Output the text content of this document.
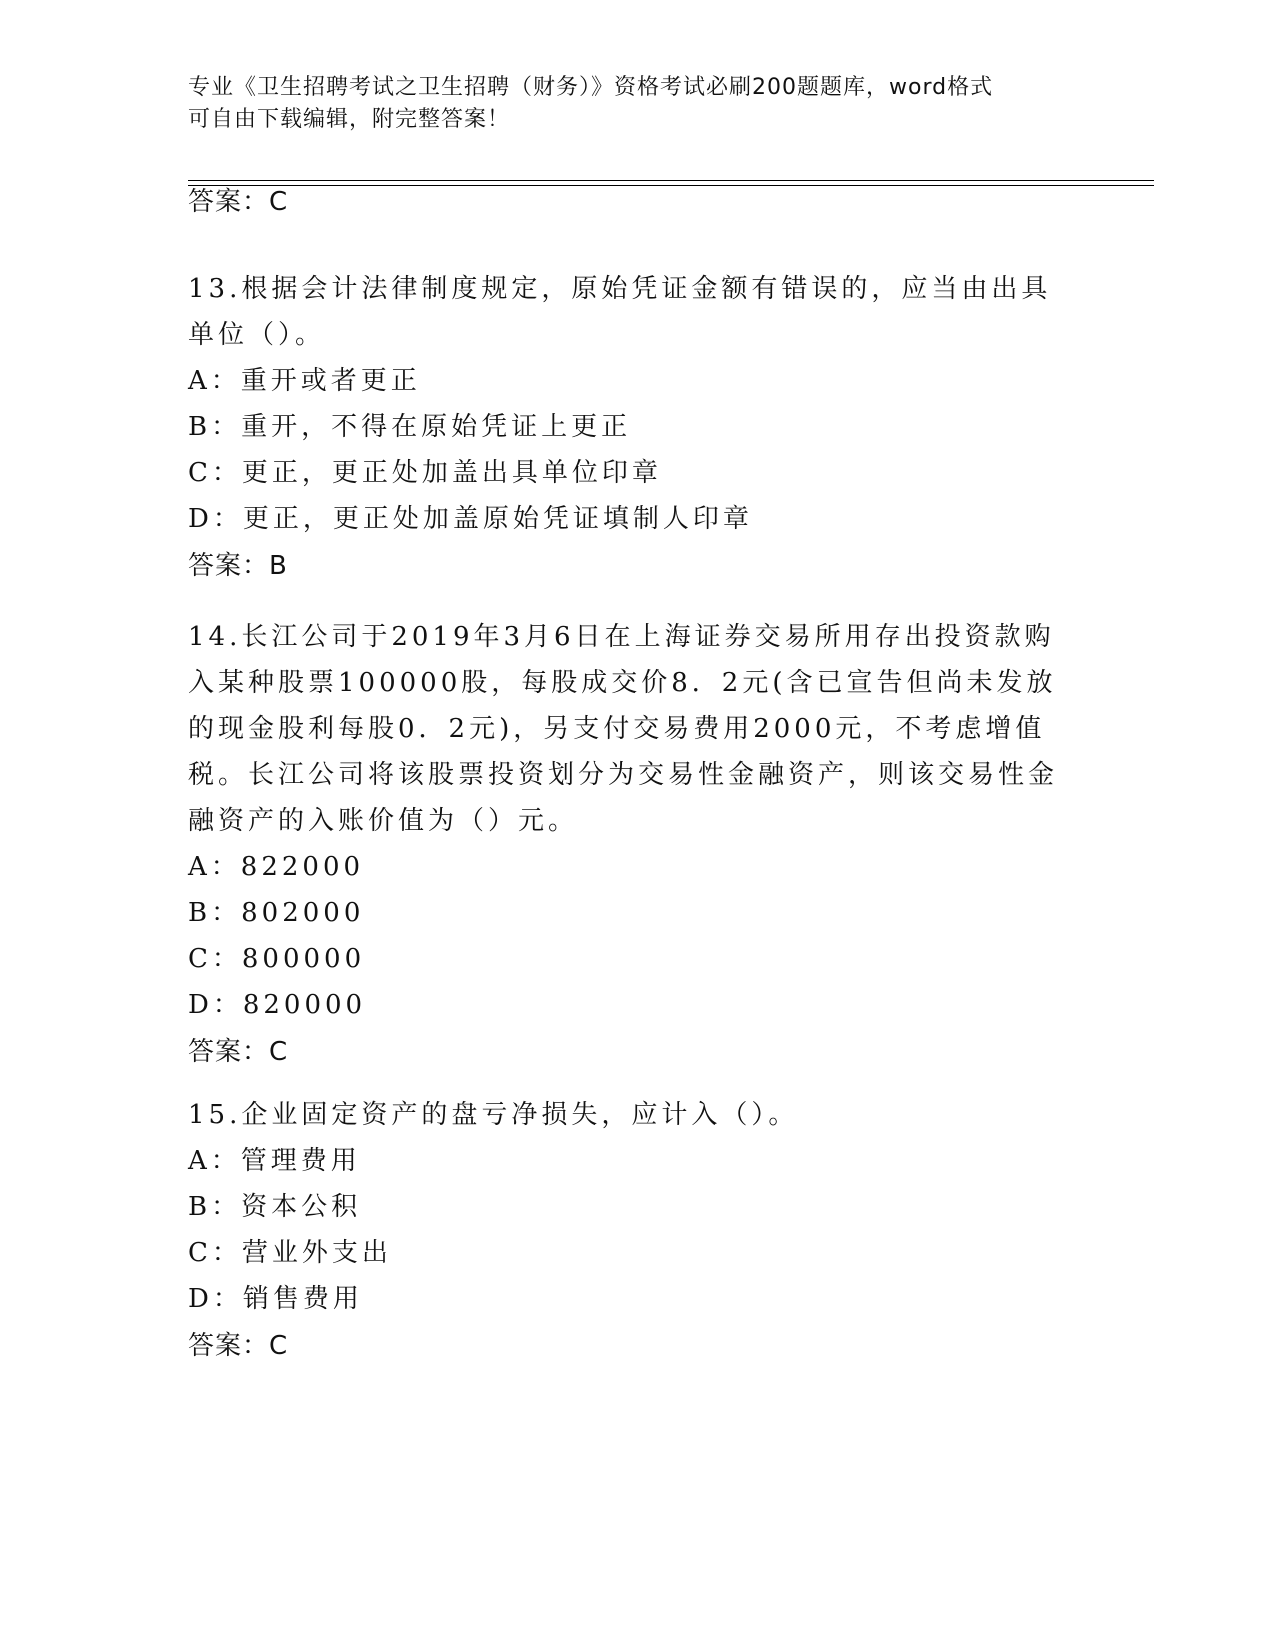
专业《卫生招聘考试之卫生招聘（财务）》资格考试必刷200题题库，word格式
可自由下载编辑，附完整答案！
答案：C

13.根据会计法律制度规定，原始凭证金额有错误的，应当由出具单位（）。

A：重开或者更正
B：重开，不得在原始凭证上更正
C：更正，更正处加盖出具单位印章
D：更正，更正处加盖原始凭证填制人印章
答案：B

14.长江公司于2019年3月6日在上海证券交易所用存出投资款购入某种股票100000股，每股成交价8．2元(含已宣告但尚未发放的现金股利每股0．2元)，另支付交易费用2000元，不考虑增值税。长江公司将该股票投资划分为交易性金融资产，则该交易性金融资产的入账价值为（）元。

A：822000
B：802000
C：800000
D：820000
答案：C

15.企业固定资产的盘亏净损失，应计入（）。

A：管理费用
B：资本公积
C：营业外支出
D：销售费用
答案：C
